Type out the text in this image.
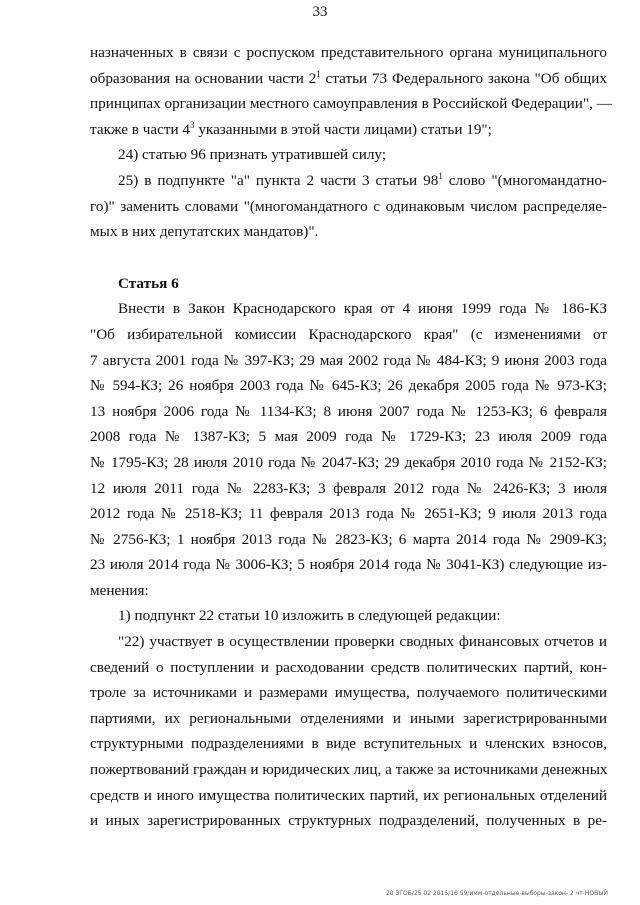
33
назначенных в связи с роспуском представительного органа муниципального
образования на основании части $2^1$ статьи 73 Федерального закона "Об общих
принципах организации местного самоуправления в Российской Федерации", —
также в части $4^3$ указанными в этой части лицами) статьи 19";
24) статью 96 признать утратившей силу;
25) в подпункте "а" пункта 2 части 3 статьи $98^1$ слово "(многомандатно-
го)" заменить словами "(многомандатного с одинаковым числом распределяе-
мых в них депутатских мандатов)".
Статья 6
Внести в Закон Краснодарского края от 4 июня 1999 года № 186-КЗ
"Об избирательной комиссии Краснодарского края" (с изменениями от
7 августа 2001 года № 397-КЗ; 29 мая 2002 года № 484-КЗ; 9 июня 2003 года
№ 594-КЗ; 26 ноября 2003 года № 645-КЗ; 26 декабря 2005 года № 973-КЗ;
13 ноября 2006 года № 1134-КЗ; 8 июня 2007 года № 1253-КЗ; 6 февраля
2008 года № 1387-КЗ; 5 мая 2009 года № 1729-КЗ; 23 июля 2009 года
№ 1795-КЗ; 28 июля 2010 года № 2047-КЗ; 29 декабря 2010 года № 2152-КЗ;
12 июля 2011 года № 2283-КЗ; 3 февраля 2012 года № 2426-КЗ; 3 июля
2012 года № 2518-КЗ; 11 февраля 2013 года № 2651-КЗ; 9 июля 2013 года
№ 2756-КЗ; 1 ноября 2013 года № 2823-КЗ; 6 марта 2014 года № 2909-КЗ;
23 июля 2014 года № 3006-КЗ; 5 ноября 2014 года № 3041-КЗ) следующие из-
менения:
1) подпункт 22 статьи 10 изложить в следующей редакции:
"22) участвует в осуществлении проверки сводных финансовых отчетов и
сведений о поступлении и расходовании средств политических партий, кон-
троле за источниками и размерами имущества, получаемого политическими
партиями, их региональными отделениями и иными зарегистрированными
структурными подразделениями в виде вступительных и членских взносов,
пожертвований граждан и юридических лиц, а также за источниками денежных
средств и иного имущества политических партий, их региональных отделений
и иных зарегистрированных структурных подразделений, полученных в ре-
20 ЗГОБ/25 02 2015/16 59/имм-отдельные-выборы-закон- 2 чт-НОВЫЙ
